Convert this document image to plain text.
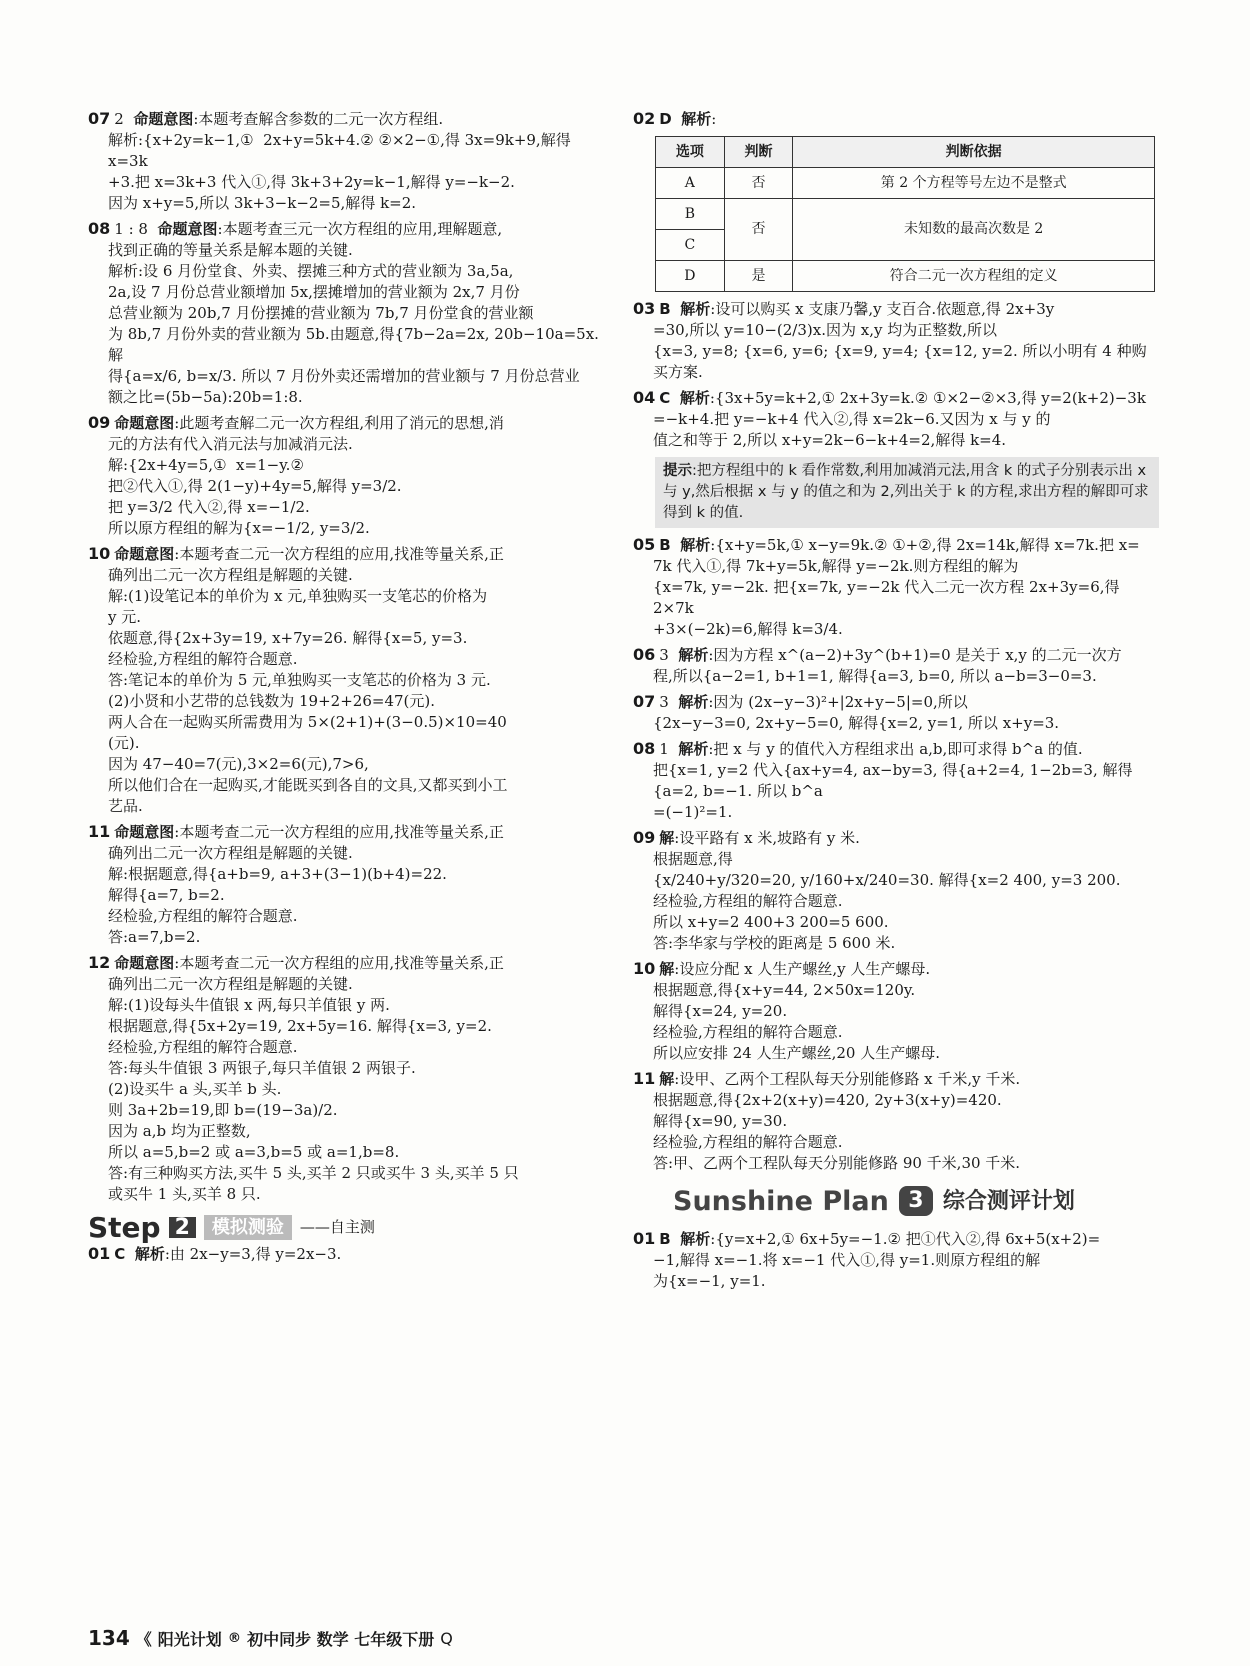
07 2 命题意图:本题考查解含参数的二元一次方程组.
解析:{x+2y=k−1,①  2x+y=5k+4.② ②×2−①,得 3x=9k+9,解得 x=3k
+3.把 x=3k+3 代入①,得 3k+3+2y=k−1,解得 y=−k−2.
因为 x+y=5,所以 3k+3−k−2=5,解得 k=2.
08 1 : 8 命题意图:本题考查三元一次方程组的应用,理解题意,
找到正确的等量关系是解本题的关键.
解析:设 6 月份堂食、外卖、摆摊三种方式的营业额为 3a,5a,
2a,设 7 月份总营业额增加 5x,摆摊增加的营业额为 2x,7 月份
总营业额为 20b,7 月份摆摊的营业额为 7b,7 月份堂食的营业额
为 8b,7 月份外卖的营业额为 5b.由题意,得{7b−2a=2x, 20b−10a=5x. 解
得{a=x/6, b=x/3. 所以 7 月份外卖还需增加的营业额与 7 月份总营业
额之比=(5b−5a):20b=1:8.
09 命题意图:此题考查解二元一次方程组,利用了消元的思想,消
元的方法有代入消元法与加减消元法.
解:{2x+4y=5,①  x=1−y.②
把②代入①,得 2(1−y)+4y=5,解得 y=3/2.
把 y=3/2 代入②,得 x=−1/2.
所以原方程组的解为{x=−1/2, y=3/2.
10 命题意图:本题考查二元一次方程组的应用,找准等量关系,正
确列出二元一次方程组是解题的关键.
解:(1)设笔记本的单价为 x 元,单独购买一支笔芯的价格为
y 元.
依题意,得{2x+3y=19, x+7y=26. 解得{x=5, y=3.
经检验,方程组的解符合题意.
答:笔记本的单价为 5 元,单独购买一支笔芯的价格为 3 元.
(2)小贤和小艺带的总钱数为 19+2+26=47(元).
两人合在一起购买所需费用为 5×(2+1)+(3−0.5)×10=40
(元).
因为 47−40=7(元),3×2=6(元),7>6,
所以他们合在一起购买,才能既买到各自的文具,又都买到小工
艺品.
11 命题意图:本题考查二元一次方程组的应用,找准等量关系,正
确列出二元一次方程组是解题的关键.
解:根据题意,得{a+b=9, a+3+(3−1)(b+4)=22.
解得{a=7, b=2.
经检验,方程组的解符合题意.
答:a=7,b=2.
12 命题意图:本题考查二元一次方程组的应用,找准等量关系,正
确列出二元一次方程组是解题的关键.
解:(1)设每头牛值银 x 两,每只羊值银 y 两.
根据题意,得{5x+2y=19, 2x+5y=16. 解得{x=3, y=2.
经检验,方程组的解符合题意.
答:每头牛值银 3 两银子,每只羊值银 2 两银子.
(2)设买牛 a 头,买羊 b 头.
则 3a+2b=19,即 b=(19−3a)/2.
因为 a,b 均为正整数,
所以 a=5,b=2 或 a=3,b=5 或 a=1,b=8.
答:有三种购买方法,买牛 5 头,买羊 2 只或买牛 3 头,买羊 5 只
或买牛 1 头,买羊 8 只.
Step 2	模拟测验	——自主测
01 C 解析:由 2x−y=3,得 y=2x−3.
02 D 解析:
选项	判断	判断依据
A	否	第 2 个方程等号左边不是整式
B	否	未知数的最高次数是 2
C		
D	是	符合二元一次方程组的定义
03 B 解析:设可以购买 x 支康乃馨,y 支百合.依题意,得 2x+3y
=30,所以 y=10−(2/3)x.因为 x,y 均为正整数,所以
{x=3, y=8; {x=6, y=6; {x=9, y=4; {x=12, y=2. 所以小明有 4 种购买方案.
04 C 解析:{3x+5y=k+2,① 2x+3y=k.② ①×2−②×3,得 y=2(k+2)−3k
=−k+4.把 y=−k+4 代入②,得 x=2k−6.又因为 x 与 y 的
值之和等于 2,所以 x+y=2k−6−k+4=2,解得 k=4.
提示:把方程组中的 k 看作常数,利用加减消元法,用含 k 的式子分别表示出 x 与 y,然后根据 x 与 y 的值之和为 2,列出关于 k 的方程,求出方程的解即可求得到 k 的值.
05 B 解析:{x+y=5k,① x−y=9k.② ①+②,得 2x=14k,解得 x=7k.把 x=
7k 代入①,得 7k+y=5k,解得 y=−2k.则方程组的解为
{x=7k, y=−2k. 把{x=7k, y=−2k 代入二元一次方程 2x+3y=6,得 2×7k
+3×(−2k)=6,解得 k=3/4.
06 3 解析:因为方程 x^(a−2)+3y^(b+1)=0 是关于 x,y 的二元一次方
程,所以{a−2=1, b+1=1, 解得{a=3, b=0, 所以 a−b=3−0=3.
07 3 解析:因为 (2x−y−3)²+|2x+y−5|=0,所以
{2x−y−3=0, 2x+y−5=0, 解得{x=2, y=1, 所以 x+y=3.
08 1 解析:把 x 与 y 的值代入方程组求出 a,b,即可求得 b^a 的值.
把{x=1, y=2 代入{ax+y=4, ax−by=3, 得{a+2=4, 1−2b=3, 解得{a=2, b=−1. 所以 b^a
=(−1)²=1.
09 解:设平路有 x 米,坡路有 y 米.
根据题意,得
{x/240+y/320=20, y/160+x/240=30. 解得{x=2 400, y=3 200.
经检验,方程组的解符合题意.
所以 x+y=2 400+3 200=5 600.
答:李华家与学校的距离是 5 600 米.
10 解:设应分配 x 人生产螺丝,y 人生产螺母.
根据题意,得{x+y=44, 2×50x=120y.
解得{x=24, y=20.
经检验,方程组的解符合题意.
所以应安排 24 人生产螺丝,20 人生产螺母.
11 解:设甲、乙两个工程队每天分别能修路 x 千米,y 千米.
根据题意,得{2x+2(x+y)=420, 2y+3(x+y)=420.
解得{x=90, y=30.
经检验,方程组的解符合题意.
答:甲、乙两个工程队每天分别能修路 90 千米,30 千米.
Sunshine Plan 3 综合测评计划
01 B 解析:{y=x+2,① 6x+5y=−1.② 把①代入②,得 6x+5(x+2)=
−1,解得 x=−1.将 x=−1 代入①,得 y=1.则原方程组的解
为{x=−1, y=1.
134 《 阳光计划 ® 初中同步 数学 七年级下册 Q
